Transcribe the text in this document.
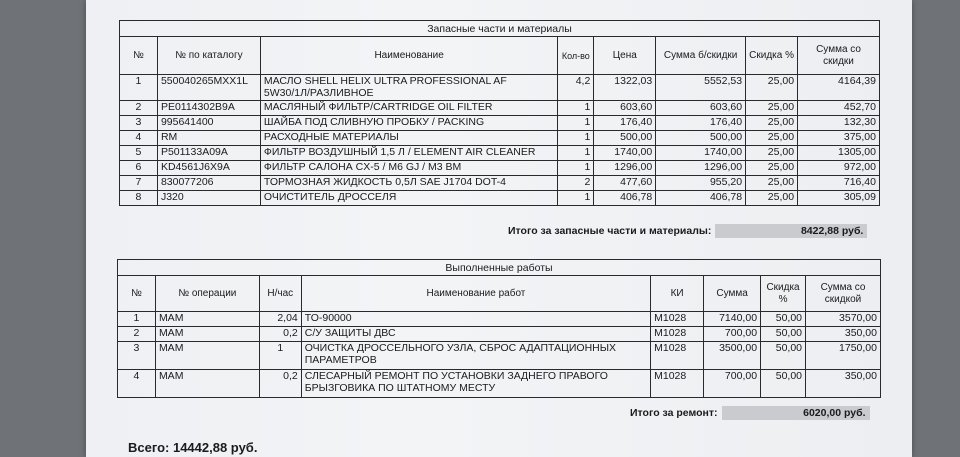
Запасные части и материалы							
№	№ по каталогу	Наименование	Кол-во	Цена	Сумма б/скидки	Скидка %	Сумма со скидки
1	550040265MXX1L	МАСЛО SHELL HELIX ULTRA PROFESSIONAL AF 5W30/1Л/РАЗЛИВНОЕ	4,2	1322,03	5552,53	25,00	4164,39
2	PE0114302B9A	МАСЛЯНЫЙ ФИЛЬТР/CARTRIDGE OIL FILTER	1	603,60	603,60	25,00	452,70
3	995641400	ШАЙБА ПОД СЛИВНУЮ ПРОБКУ / PACKING	1	176,40	176,40	25,00	132,30
4	RM	РАСХОДНЫЕ МАТЕРИАЛЫ	1	500,00	500,00	25,00	375,00
5	P501133A09A	ФИЛЬТР ВОЗДУШНЫЙ 1,5 Л / ELEMENT AIR CLEANER	1	1740,00	1740,00	25,00	1305,00
6	KD4561J6X9A	ФИЛЬТР САЛОНА CX-5 / M6 GJ / M3 BM	1	1296,00	1296,00	25,00	972,00
7	830077206	ТОРМОЗНАЯ ЖИДКОСТЬ 0,5Л SAE J1704 DOT-4	2	477,60	955,20	25,00	716,40
8	J320	ОЧИСТИТЕЛЬ ДРОССЕЛЯ	1	406,78	406,78	25,00	305,09
Итого за запасные части и материалы:	8422,88 руб.
Выполненные работы							
№	№ операции	Н/час	Наименование работ	КИ	Сумма	Скидка %	Сумма со скидкой
1	MAM	2,04	ТО-90000	M1028	7140,00	50,00	3570,00
2	MAM	0,2	С/У ЗАЩИТЫ ДВС	M1028	700,00	50,00	350,00
3	MAM	1	ОЧИСТКА ДРОССЕЛЬНОГО УЗЛА, СБРОС АДАПТАЦИОННЫХ ПАРАМЕТРОВ	M1028	3500,00	50,00	1750,00
4	MAM	0,2	СЛЕСАРНЫЙ РЕМОНТ ПО УСТАНОВКИ ЗАДНЕГО ПРАВОГО БРЫЗГОВИКА ПО ШТАТНОМУ МЕСТУ	M1028	700,00	50,00	350,00
Итого за ремонт:	6020,00 руб.
Всего: 14442,88 руб.
